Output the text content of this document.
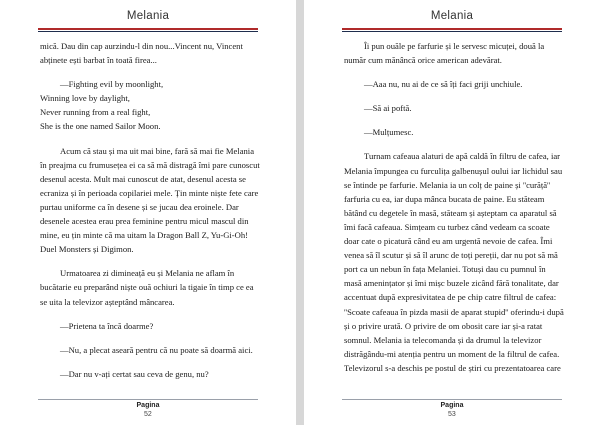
Melania

mică. Dau din cap aurzindu-l din nou...Vincent nu, Vincent abținete ești barbat în toată firea...

—Fighting evil by moonlight,

Winning love by daylight,

Never running from a real fight,

She is the one named Sailor Moon.

Acum că stau și ma uit mai bine, fară să mai fie Melania în preajma cu frumusețea ei ca să mă distragă îmi pare cunoscut desenul acesta. Mult mai cunoscut de atat, desenul acesta se ecraniza și în perioada copilariei mele. Țin minte niște fete care purtau uniforme ca în desene și se jucau dea eroinele. Dar desenele acestea erau prea feminine pentru micul mascul din mine, eu țin minte că ma uitam la Dragon Ball Z, Yu-Gi-Oh! Duel Monsters și Digimon.

Urmatoarea zi dimineață eu și Melania ne aflam în bucătarie eu preparând niște ouă ochiuri la tigaie în timp ce ea se uita la televizor așteptând mâncarea.

—Prietena ta încă doarme?

—Nu, a plecat aseară pentru că nu poate să doarmă aici.

—Dar nu v-ați certat sau ceva de genu, nu?

Pagina
52
Melania

Îi pun ouăle pe farfurie și le servesc micuței, două la număr cum mănâncă orice american adevărat.

—Aaa nu, nu ai de ce să îți faci griji unchiule.

—Să ai poftă.

—Mulțumesc.

Turnam cafeaua alaturi de apă caldă în filtru de cafea, iar Melania împungea cu furculița galbenușul oului iar lichidul sau se întinde pe farfurie. Melania ia un colț de paine și ''curăță'' farfuria cu ea, iar dupa mânca bucata de paine. Eu stăteam bătând cu degetele în masă, stăteam și așteptam ca aparatul să îmi facă cafeaua. Simțeam cu turbez când vedeam ca scoate doar cate o picatură când eu am urgentă nevoie de cafea. Îmi venea să îl scutur și să îl arunc de toți pereții, dar nu pot să mă port ca un nebun în fața Melaniei. Totuși dau cu pumnul în masă amenințator și îmi mișc buzele zicând fără tonalitate, dar accentuat după expresivitatea de pe chip catre filtrul de cafea: ''Scoate cafeaua în pizda masii de aparat stupid'' oferindu-i după și o privire urată. O privire de om obosit care iar și-a ratat somnul. Melania ia telecomanda și da drumul la televizor distrăgându-mi atenția pentru un moment de la filtrul de cafea. Televizorul s-a deschis pe postul de știri cu prezentatoarea care

Pagina
53
